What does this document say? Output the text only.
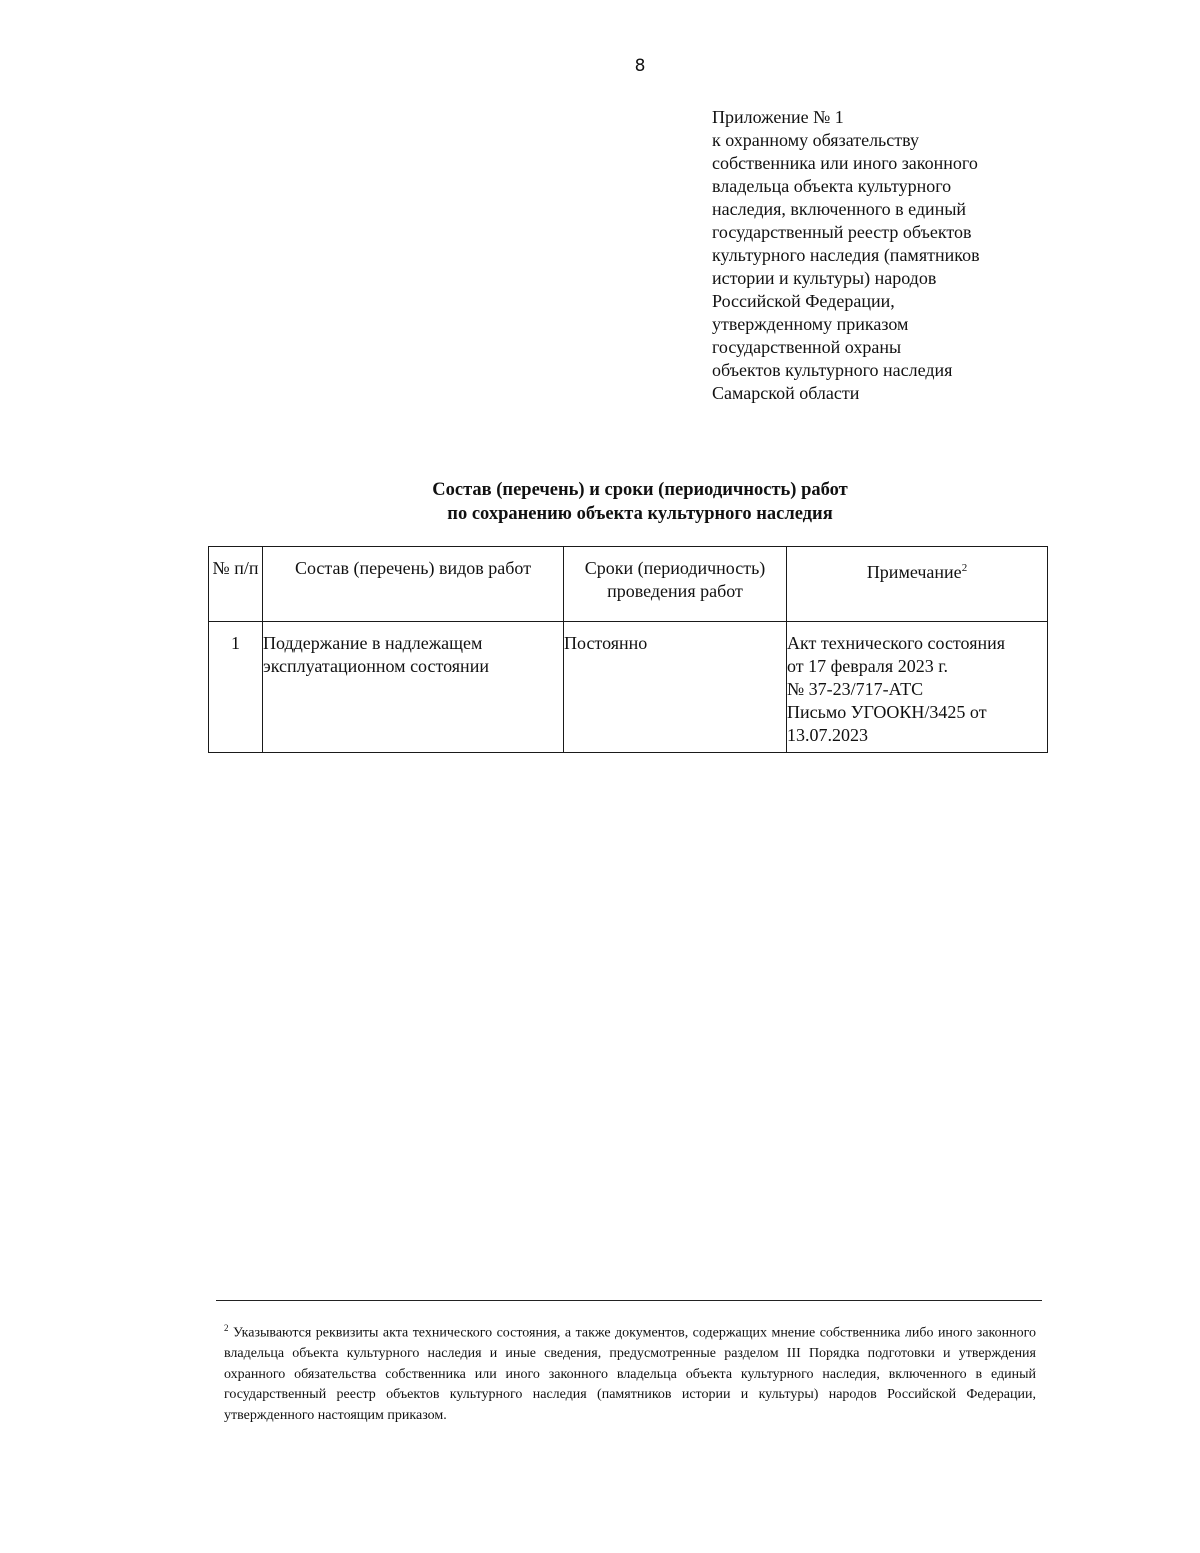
8
Приложение № 1
к охранному обязательству
собственника или иного законного
владельца объекта культурного
наследия, включенного в единый
государственный реестр объектов
культурного наследия (памятников
истории и культуры) народов
Российской Федерации,
утвержденному приказом
государственной охраны
объектов культурного наследия
Самарской области
Состав (перечень) и сроки (периодичность) работ
по сохранению объекта культурного наследия
№ п/п	Состав (перечень) видов работ	Сроки (периодичность) проведения работ	Примечание$^2$
1	Поддержание в надлежащем эксплуатационном состоянии	Постоянно	Акт технического состояния
от 17 февраля 2023 г.
№ 37-23/717-АТС
Письмо УГООКН/3425 от
13.07.2023
$^2$ Указываются реквизиты акта технического состояния, а также документов, содержащих мнение собственника либо иного законного владельца объекта культурного наследия и иные сведения, предусмотренные разделом III Порядка подготовки и утверждения охранного обязательства собственника или иного законного владельца объекта культурного наследия, включенного в единый государственный реестр объектов культурного наследия (памятников истории и культуры) народов Российской Федерации, утвержденного настоящим приказом.
